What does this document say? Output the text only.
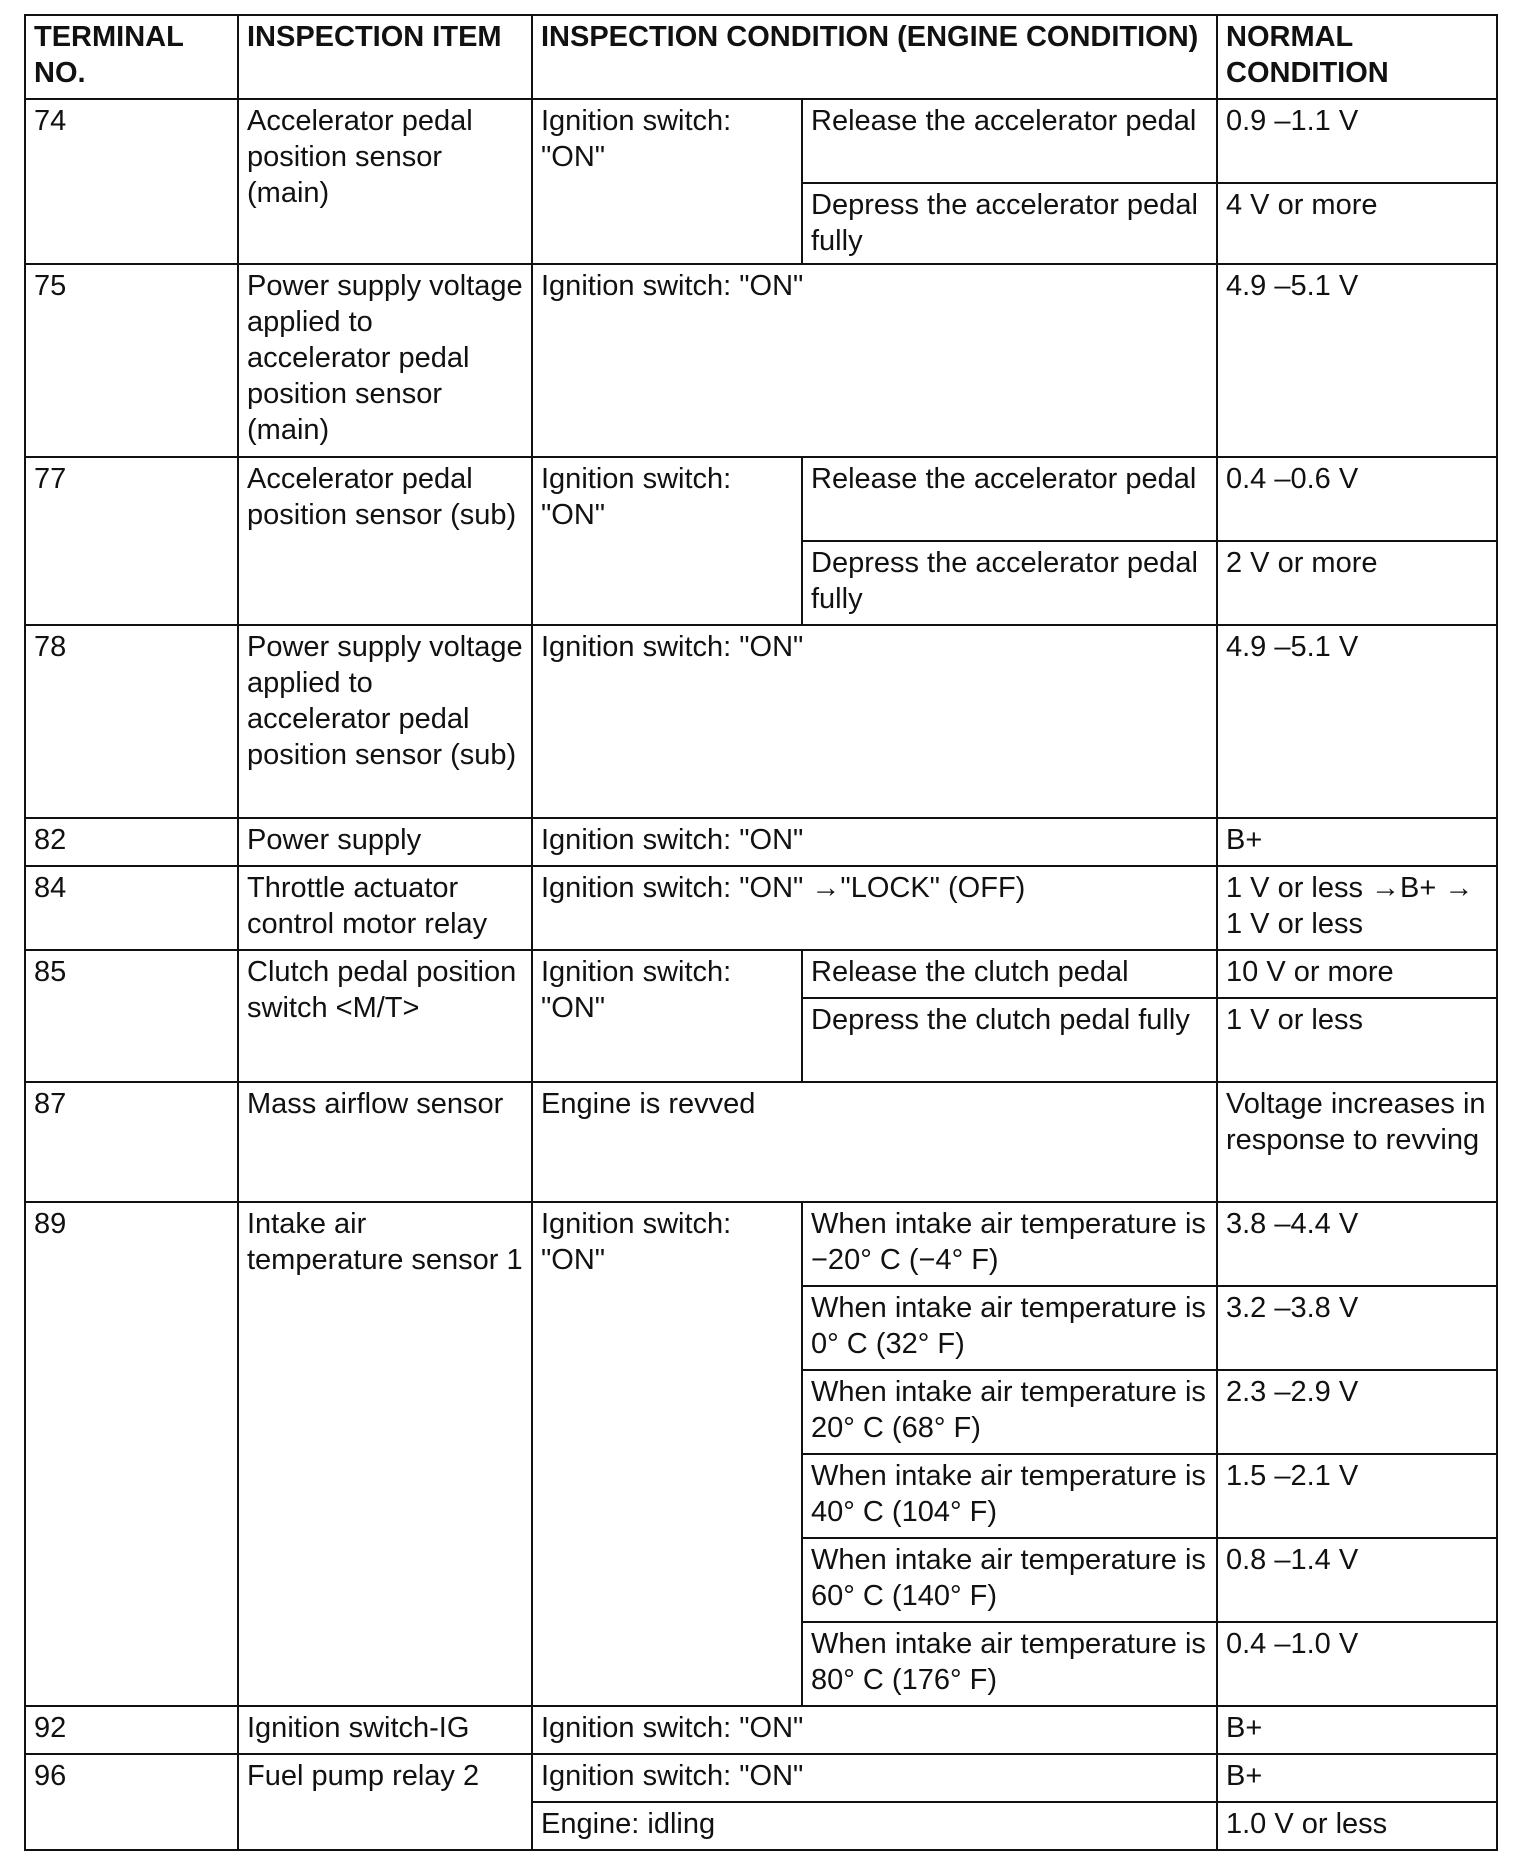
TERMINAL NO.	INSPECTION ITEM	INSPECTION CONDITION (ENGINE CONDITION)		NORMAL CONDITION
74	Accelerator pedal position sensor (main)	Ignition switch: "ON"	Release the accelerator pedal	0.9 –1.1 V
			Depress the accelerator pedal fully	4 V or more
75	Power supply voltage applied to accelerator pedal position sensor (main)	Ignition switch: "ON"		4.9 –5.1 V
77	Accelerator pedal position sensor (sub)	Ignition switch: "ON"	Release the accelerator pedal	0.4 –0.6 V
			Depress the accelerator pedal fully	2 V or more
78	Power supply voltage applied to accelerator pedal position sensor (sub)	Ignition switch: "ON"		4.9 –5.1 V
82	Power supply	Ignition switch: "ON"		B+
84	Throttle actuator control motor relay	Ignition switch: "ON" →"LOCK" (OFF)		1 V or less →B+ → 1 V or less
85	Clutch pedal position switch <M/T>	Ignition switch: "ON"	Release the clutch pedal	10 V or more
			Depress the clutch pedal fully	1 V or less
87	Mass airflow sensor	Engine is revved		Voltage increases in response to revving
89	Intake air temperature sensor 1	Ignition switch: "ON"	When intake air temperature is −20° C (−4° F)	3.8 –4.4 V
			When intake air temperature is 0° C (32° F)	3.2 –3.8 V
			When intake air temperature is 20° C (68° F)	2.3 –2.9 V
			When intake air temperature is 40° C (104° F)	1.5 –2.1 V
			When intake air temperature is 60° C (140° F)	0.8 –1.4 V
			When intake air temperature is 80° C (176° F)	0.4 –1.0 V
92	Ignition switch-IG	Ignition switch: "ON"		B+
96	Fuel pump relay 2	Ignition switch: "ON"		B+
		Engine: idling		1.0 V or less
